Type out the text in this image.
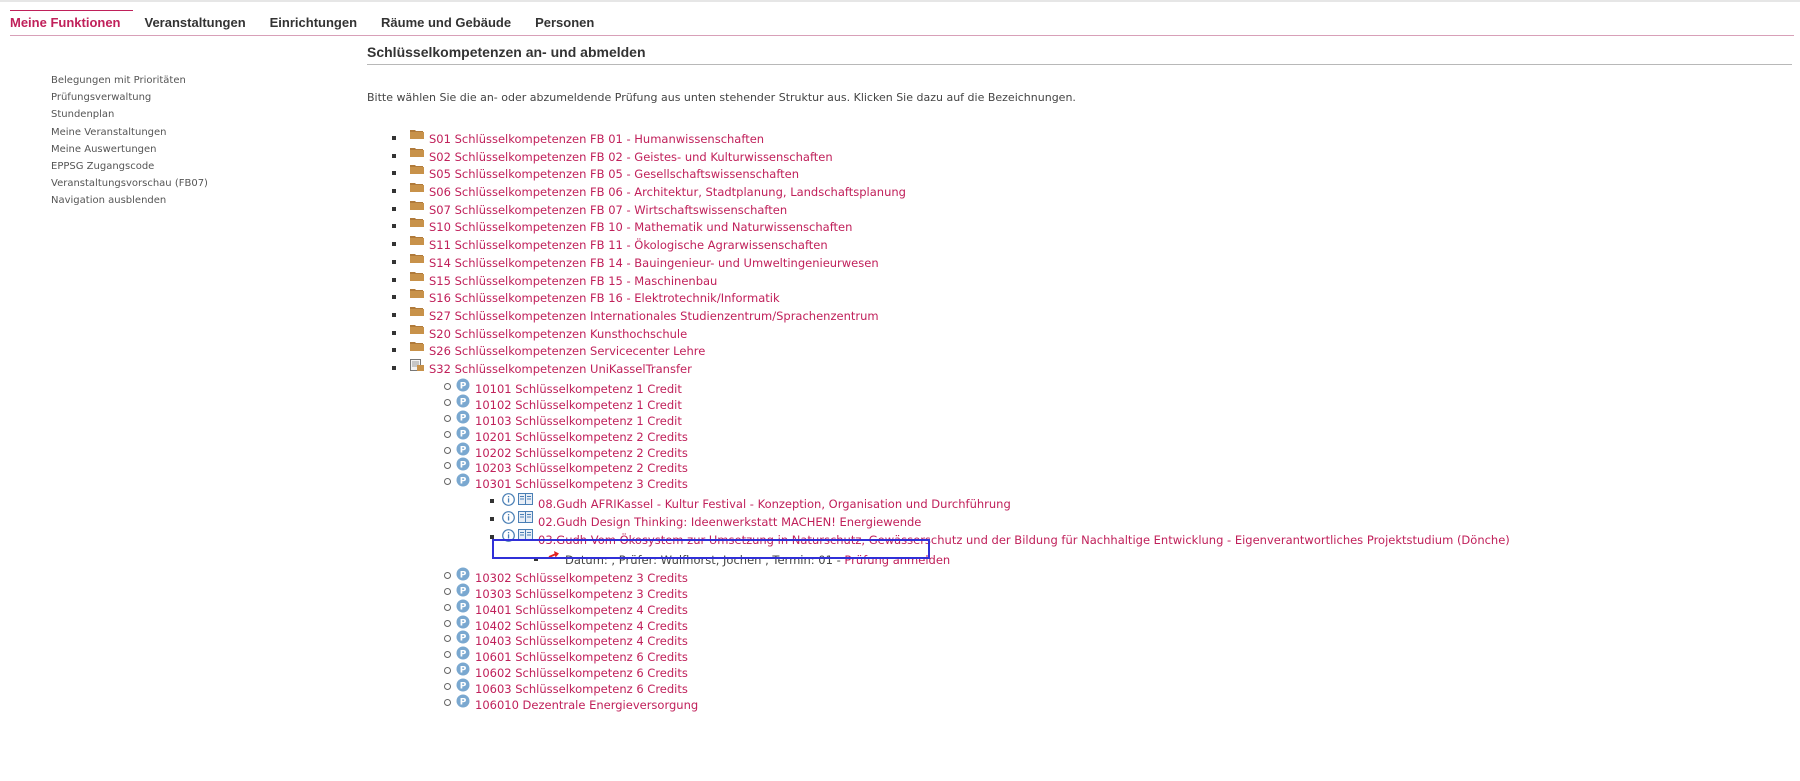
Meine Funktionen	Veranstaltungen	Einrichtungen	Räume und Gebäude	Personen
Belegungen mit Prioritäten
Prüfungsverwaltung
Stundenplan
Meine Veranstaltungen
Meine Auswertungen
EPPSG Zugangscode
Veranstaltungsvorschau (FB07)
Navigation ausblenden
Schlüsselkompetenzen an- und abmelden

Bitte wählen Sie die an- oder abzumeldende Prüfung aus unten stehender Struktur aus. Klicken Sie dazu auf die Bezeichnungen.

S01 Schlüsselkompetenzen FB 01 - Humanwissenschaften
S02 Schlüsselkompetenzen FB 02 - Geistes- und Kulturwissenschaften
S05 Schlüsselkompetenzen FB 05 - Gesellschaftswissenschaften
S06 Schlüsselkompetenzen FB 06 - Architektur, Stadtplanung, Landschaftsplanung
S07 Schlüsselkompetenzen FB 07 - Wirtschaftswissenschaften
S10 Schlüsselkompetenzen FB 10 - Mathematik und Naturwissenschaften
S11 Schlüsselkompetenzen FB 11 - Ökologische Agrarwissenschaften
S14 Schlüsselkompetenzen FB 14 - Bauingenieur- und Umweltingenieurwesen
S15 Schlüsselkompetenzen FB 15 - Maschinenbau
S16 Schlüsselkompetenzen FB 16 - Elektrotechnik/Informatik
S27 Schlüsselkompetenzen Internationales Studienzentrum/Sprachenzentrum
S20 Schlüsselkompetenzen Kunsthochschule
S26 Schlüsselkompetenzen Servicecenter Lehre
S32 Schlüsselkompetenzen UniKasselTransfer
P 10101 Schlüsselkompetenz 1 Credit
P 10102 Schlüsselkompetenz 1 Credit
P 10103 Schlüsselkompetenz 1 Credit
P 10201 Schlüsselkompetenz 2 Credits
P 10202 Schlüsselkompetenz 2 Credits
P 10203 Schlüsselkompetenz 2 Credits
P 10301 Schlüsselkompetenz 3 Credits
08.Gudh AFRIKassel - Kultur Festival - Konzeption, Organisation und Durchführung
02.Gudh Design Thinking: Ideenwerkstatt MACHEN! Energiewende
03.Gudh Vom Ökosystem zur Umsetzung in Naturschutz, Gewässerschutz und der Bildung für Nachhaltige Entwicklung - Eigenverantwortliches Projektstudium (Dönche)
Datum: , Prüfer: Wulfhorst, Jochen , Termin: 01 - Prüfung anmelden
P 10302 Schlüsselkompetenz 3 Credits
P 10303 Schlüsselkompetenz 3 Credits
P 10401 Schlüsselkompetenz 4 Credits
P 10402 Schlüsselkompetenz 4 Credits
P 10403 Schlüsselkompetenz 4 Credits
P 10601 Schlüsselkompetenz 6 Credits
P 10602 Schlüsselkompetenz 6 Credits
P 10603 Schlüsselkompetenz 6 Credits
P 106010 Dezentrale Energieversorgung
